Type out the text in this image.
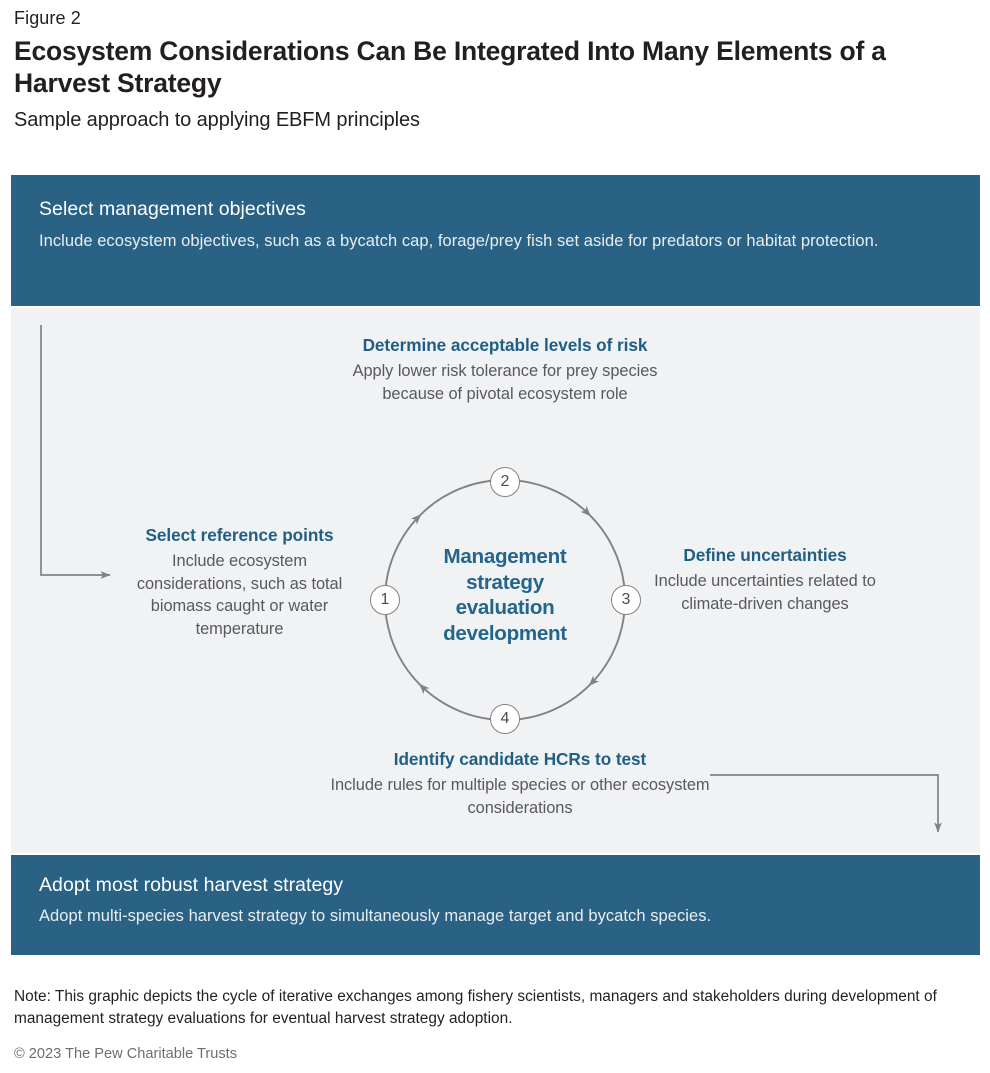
Figure 2
Ecosystem Considerations Can Be Integrated Into Many Elements of a Harvest Strategy
Sample approach to applying EBFM principles
Select management objectives
Include ecosystem objectives, such as a bycatch cap, forage/prey fish set aside for predators or habitat protection.
Adopt most robust harvest strategy
Adopt multi-species harvest strategy to simultaneously manage target and bycatch species.
Management strategy evaluation development
1
2
3
4
Determine acceptable levels of risk
Apply lower risk tolerance for prey species because of pivotal ecosystem role
Select reference points
Include ecosystem considerations, such as total biomass caught or water temperature
Define uncertainties
Include uncertainties related to climate-driven changes
Identify candidate HCRs to test
Include rules for multiple species or other ecosystem considerations
Note: This graphic depicts the cycle of iterative exchanges among fishery scientists, managers and stakeholders during development of management strategy evaluations for eventual harvest strategy adoption.
© 2023 The Pew Charitable Trusts
